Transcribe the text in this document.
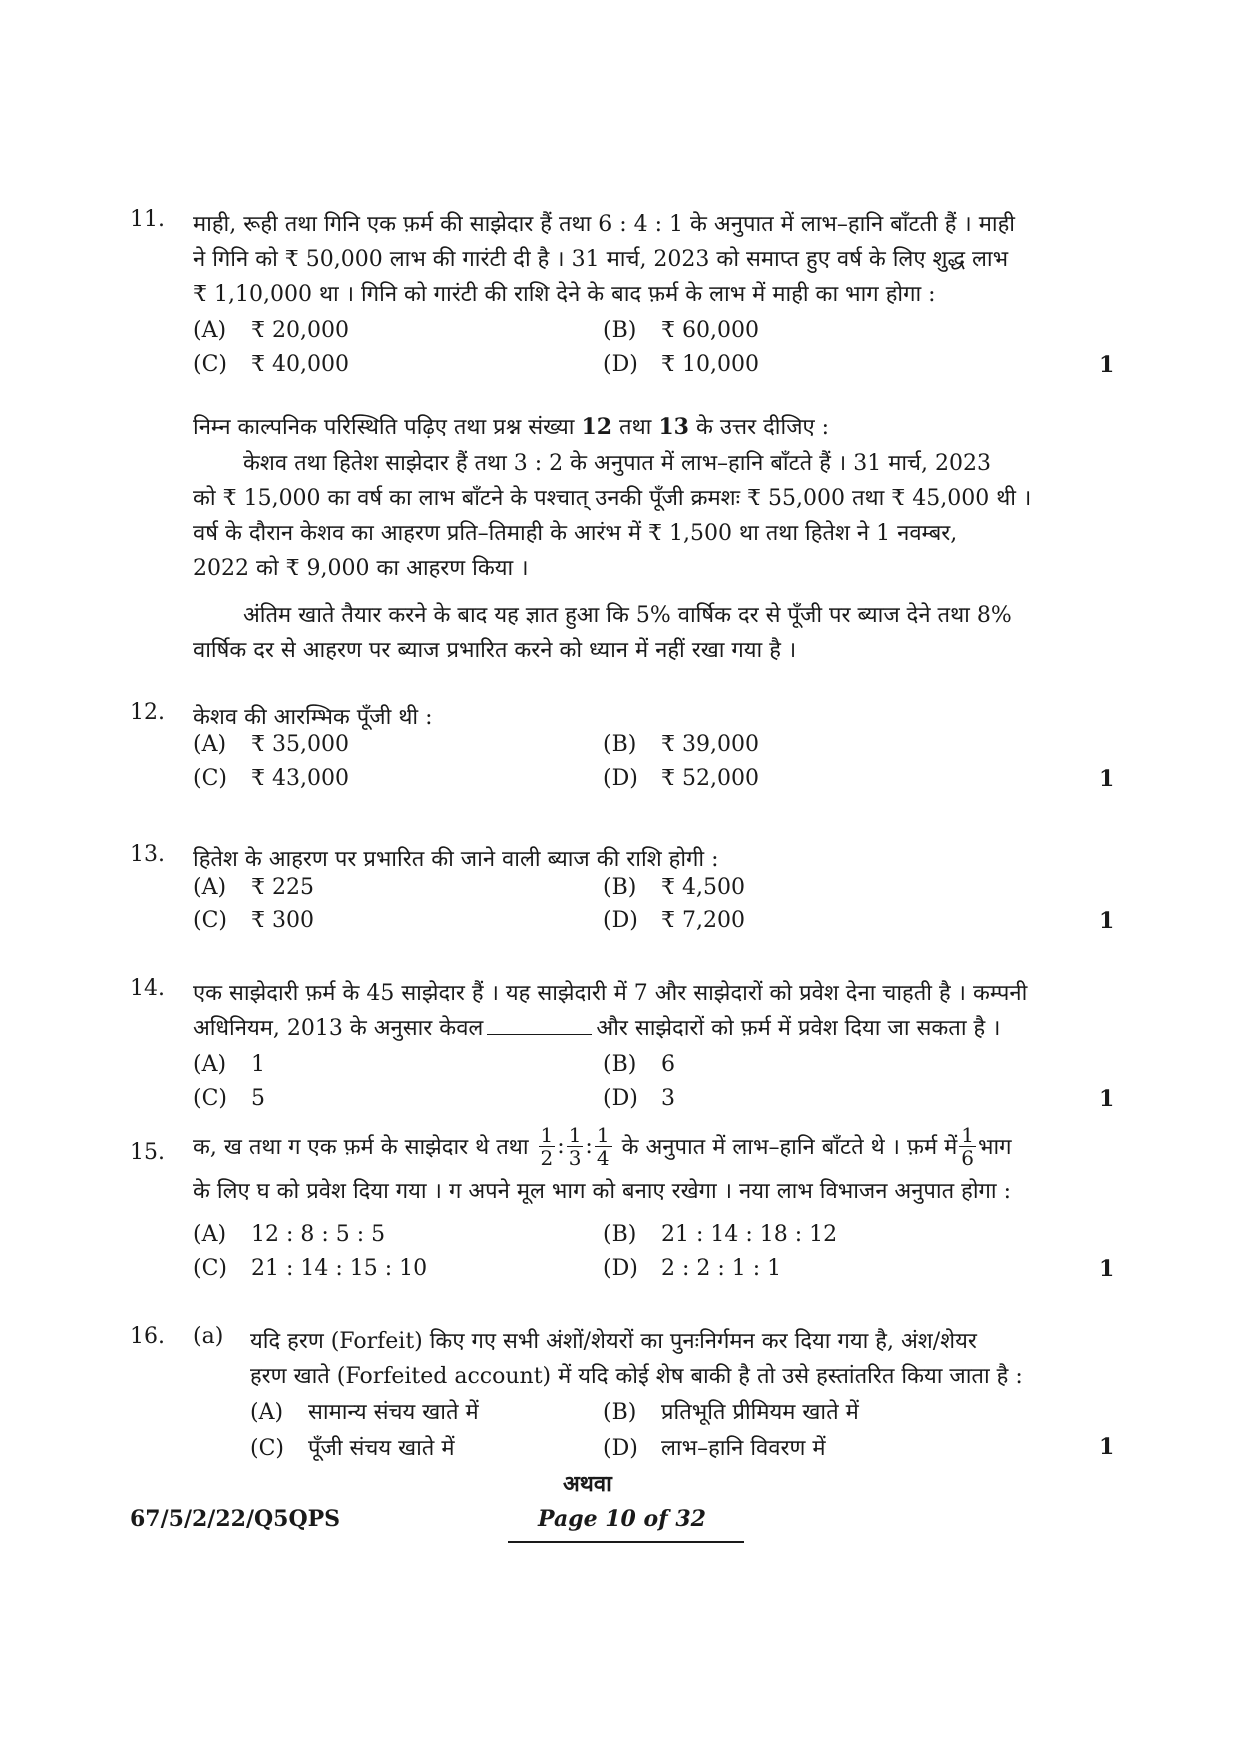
11. माही, रूही तथा गिनि एक फ़र्म की साझेदार हैं तथा 6 : 4 : 1 के अनुपात में लाभ–हानि बाँटती हैं । माही
ने गिनि को ₹ 50,000 लाभ की गारंटी दी है । 31 मार्च, 2023 को समाप्त हुए वर्ष के लिए शुद्ध लाभ
₹ 1,10,000 था । गिनि को गारंटी की राशि देने के बाद फ़र्म के लाभ में माही का भाग होगा :
(A) ₹ 20,000	(B) ₹ 60,000
(C) ₹ 40,000	(D) ₹ 10,000	1
निम्न काल्पनिक परिस्थिति पढ़िए तथा प्रश्न संख्या 12 तथा 13 के उत्तर दीजिए :
केशव तथा हितेश साझेदार हैं तथा 3 : 2 के अनुपात में लाभ–हानि बाँटते हैं । 31 मार्च, 2023
को ₹ 15,000 का वर्ष का लाभ बाँटने के पश्चात् उनकी पूँजी क्रमशः ₹ 55,000 तथा ₹ 45,000 थी ।
वर्ष के दौरान केशव का आहरण प्रति–तिमाही के आरंभ में ₹ 1,500 था तथा हितेश ने 1 नवम्बर,
2022 को ₹ 9,000 का आहरण किया ।
अंतिम खाते तैयार करने के बाद यह ज्ञात हुआ कि 5% वार्षिक दर से पूँजी पर ब्याज देने तथा 8%
वार्षिक दर से आहरण पर ब्याज प्रभारित करने को ध्यान में नहीं रखा गया है ।
12. केशव की आरम्भिक पूँजी थी :
(A) ₹ 35,000	(B) ₹ 39,000
(C) ₹ 43,000	(D) ₹ 52,000	1
13. हितेश के आहरण पर प्रभारित की जाने वाली ब्याज की राशि होगी :
(A) ₹ 225	(B) ₹ 4,500
(C) ₹ 300	(D) ₹ 7,200	1
14. एक साझेदारी फ़र्म के 45 साझेदार हैं । यह साझेदारी में 7 और साझेदारों को प्रवेश देना चाहती है । कम्पनी
अधिनियम, 2013 के अनुसार केवल	और साझेदारों को फ़र्म में प्रवेश दिया जा सकता है ।
(A) 1	(B) 6
(C) 5	(D) 3	1
15. क, ख तथा ग एक फ़र्म के साझेदार थे तथा $\frac{1}{2}$ : $\frac{1}{3}$ : $\frac{1}{4}$ के अनुपात में लाभ–हानि बाँटते थे । फ़र्म में $\frac{1}{6}$ भाग
के लिए घ को प्रवेश दिया गया । ग अपने मूल भाग को बनाए रखेगा । नया लाभ विभाजन अनुपात होगा :
(A) 12 : 8 : 5 : 5	(B) 21 : 14 : 18 : 12
(C) 21 : 14 : 15 : 10	(D) 2 : 2 : 1 : 1	1
16. (a) यदि हरण (Forfeit) किए गए सभी अंशों/शेयरों का पुनःनिर्गमन कर दिया गया है, अंश/शेयर
हरण खाते (Forfeited account) में यदि कोई शेष बाकी है तो उसे हस्तांतरित किया जाता है :
(A) सामान्य संचय खाते में	(B) प्रतिभूति प्रीमियम खाते में
(C) पूँजी संचय खाते में	(D) लाभ–हानि विवरण में	1
अथवा
67/5/2/22/Q5QPS	Page 10 of 32
